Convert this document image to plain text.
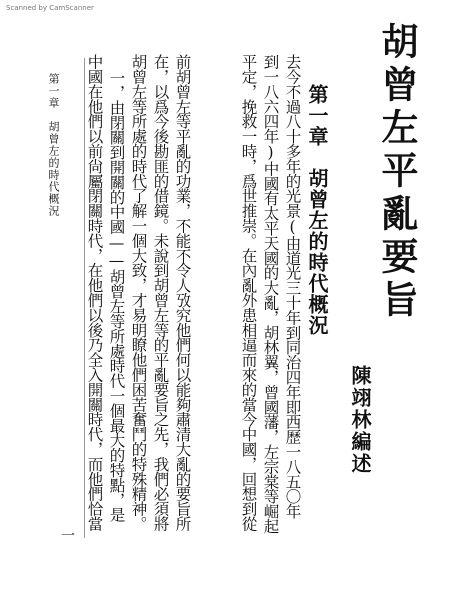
Scanned by CamScanner
胡曾左平亂要旨
陳翊林編述
第一章　胡曾左的時代概況
去今不過八十多年的光景(由道光三十年到同治四年即西歷一八五〇年
到一八六四年)中國有太平天國的大亂，胡林翼，曾國藩，左宗棠等崛起
平定，挽救一時，爲世推崇。在內亂外患相逼而來的當今中國，回想到從
前胡曾左等平亂的功業，不能不令人攷究他們何以能夠肅清大亂的要旨所
在，以爲今後勘匪的借鏡。未說到胡曾左等的平亂要旨之先，我們必須將
胡曾左等所處的時代了解一個大致，才易明瞭他們困苦奮鬥的特殊精神。
一，由閉關到開關的中國——胡曾左等所處時代一個最大的特點，是
中國在他們以前尙屬閉關時代，在他們以後乃全入開關時代，而他們恰當
第一章　胡曾左的時代概況
一
